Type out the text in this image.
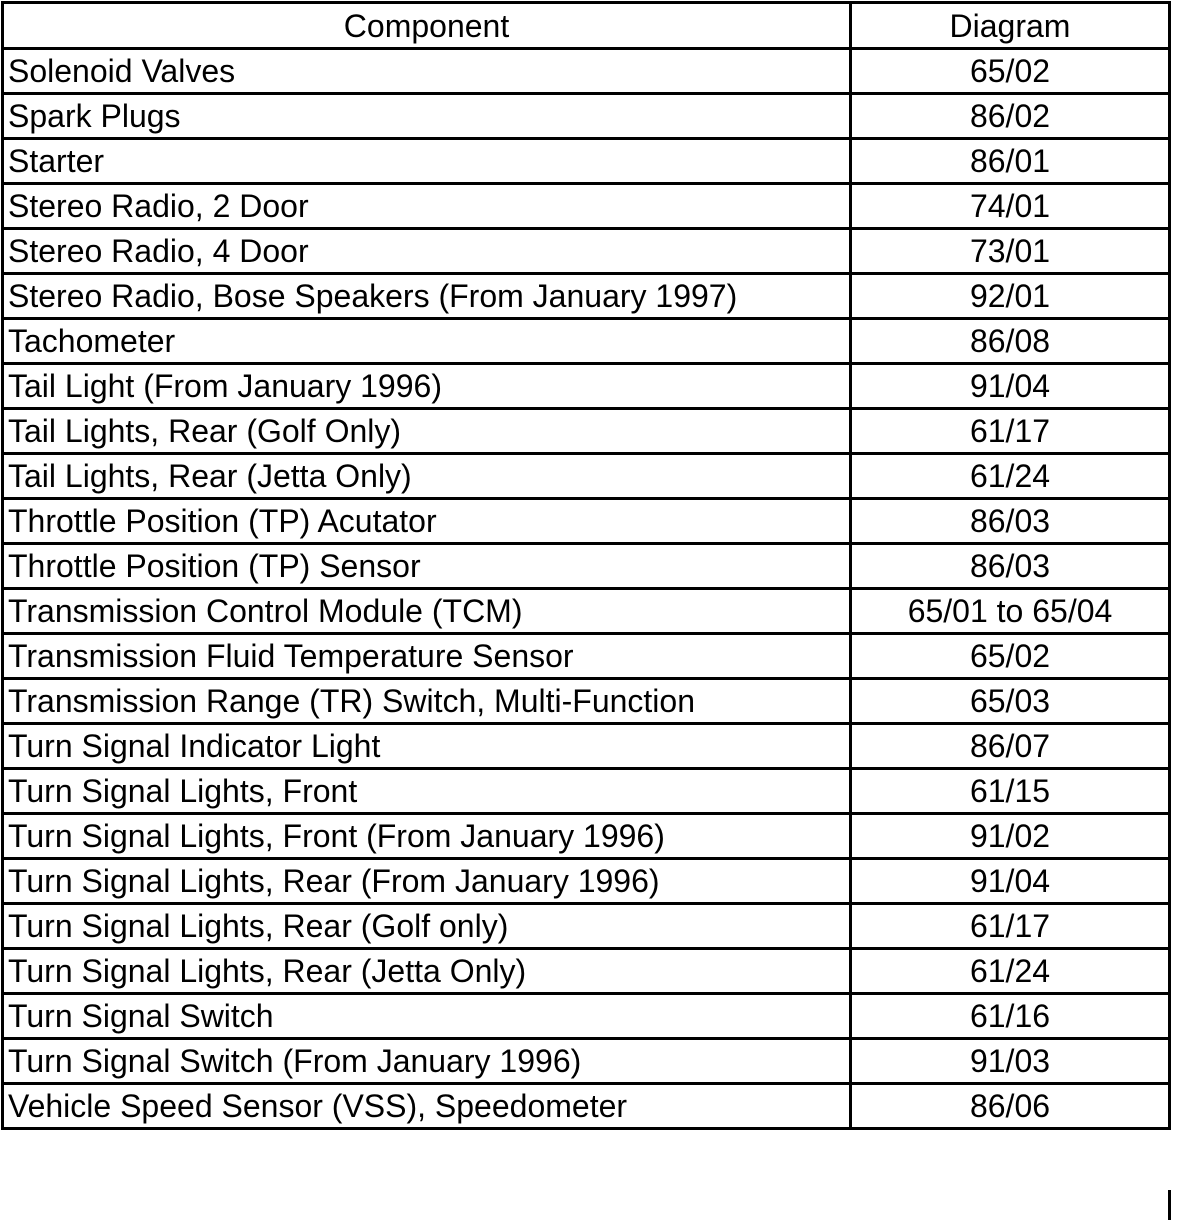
Component	Diagram
Solenoid Valves	65/02
Spark Plugs	86/02
Starter	86/01
Stereo Radio, 2 Door	74/01
Stereo Radio, 4 Door	73/01
Stereo Radio, Bose Speakers (From January 1997)	92/01
Tachometer	86/08
Tail Light (From January 1996)	91/04
Tail Lights, Rear (Golf Only)	61/17
Tail Lights, Rear (Jetta Only)	61/24
Throttle Position (TP) Acutator	86/03
Throttle Position (TP) Sensor	86/03
Transmission Control Module (TCM)	65/01 to 65/04
Transmission Fluid Temperature Sensor	65/02
Transmission Range (TR) Switch, Multi-Function	65/03
Turn Signal Indicator Light	86/07
Turn Signal Lights, Front	61/15
Turn Signal Lights, Front (From January 1996)	91/02
Turn Signal Lights, Rear (From January 1996)	91/04
Turn Signal Lights, Rear (Golf only)	61/17
Turn Signal Lights, Rear (Jetta Only)	61/24
Turn Signal Switch	61/16
Turn Signal Switch (From January 1996)	91/03
Vehicle Speed Sensor (VSS), Speedometer	86/06
